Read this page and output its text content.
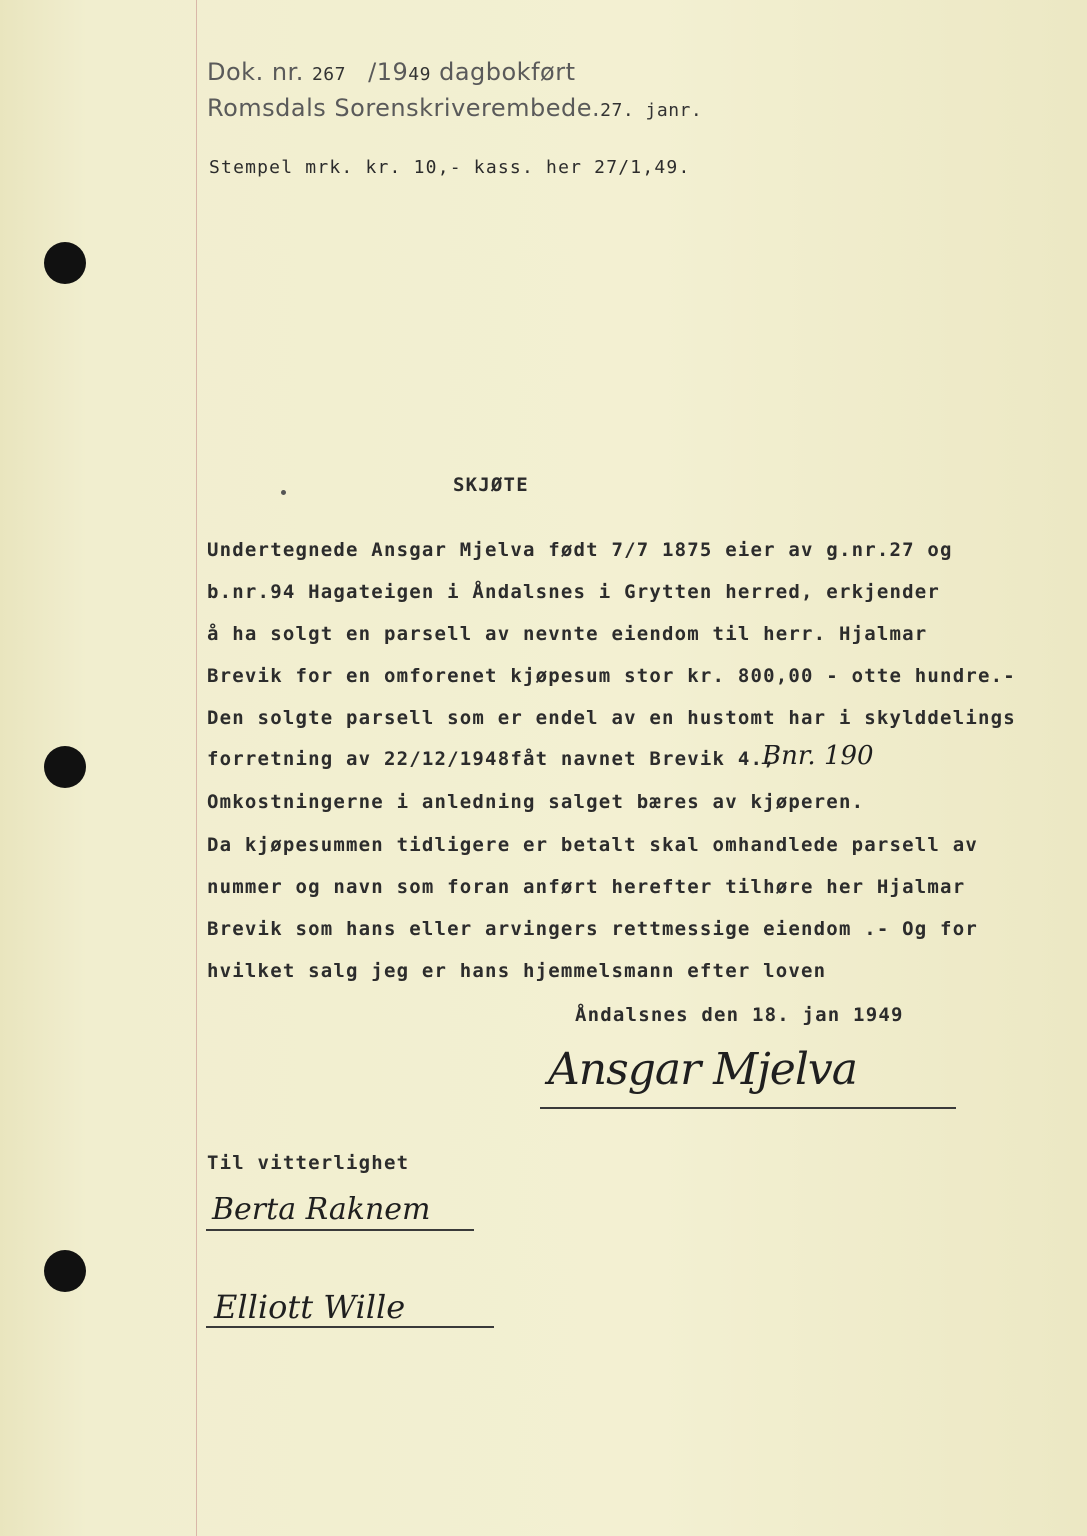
Dok. nr. 267 /1949 dagbokført
Romsdals Sorenskriverembede.27. janr.
Stempel mrk. kr. 10,- kass. her 27/1,49.
SKJØTE
Undertegnede Ansgar Mjelva født 7/7 1875 eier av g.nr.27 og
b.nr.94 Hagateigen i Åndalsnes i Grytten herred, erkjender
å ha solgt en parsell av nevnte eiendom til herr. Hjalmar
Brevik for en omforenet kjøpesum stor kr. 800,00 - otte hundre.-
Den solgte parsell som er endel av en hustomt har i skylddelings
forretning av 22/12/1948fåt navnet Brevik 4.,
Bnr. 190
Omkostningerne i anledning salget bæres av kjøperen.
Da kjøpesummen tidligere er betalt skal omhandlede parsell av
nummer og navn som foran anført herefter tilhøre her Hjalmar
Brevik som hans eller arvingers rettmessige eiendom .- Og for
hvilket salg jeg er hans hjemmelsmann efter loven
Åndalsnes den 18. jan 1949
Ansgar Mjelva
Til vitterlighet
Berta Raknem
Elliott Wille
